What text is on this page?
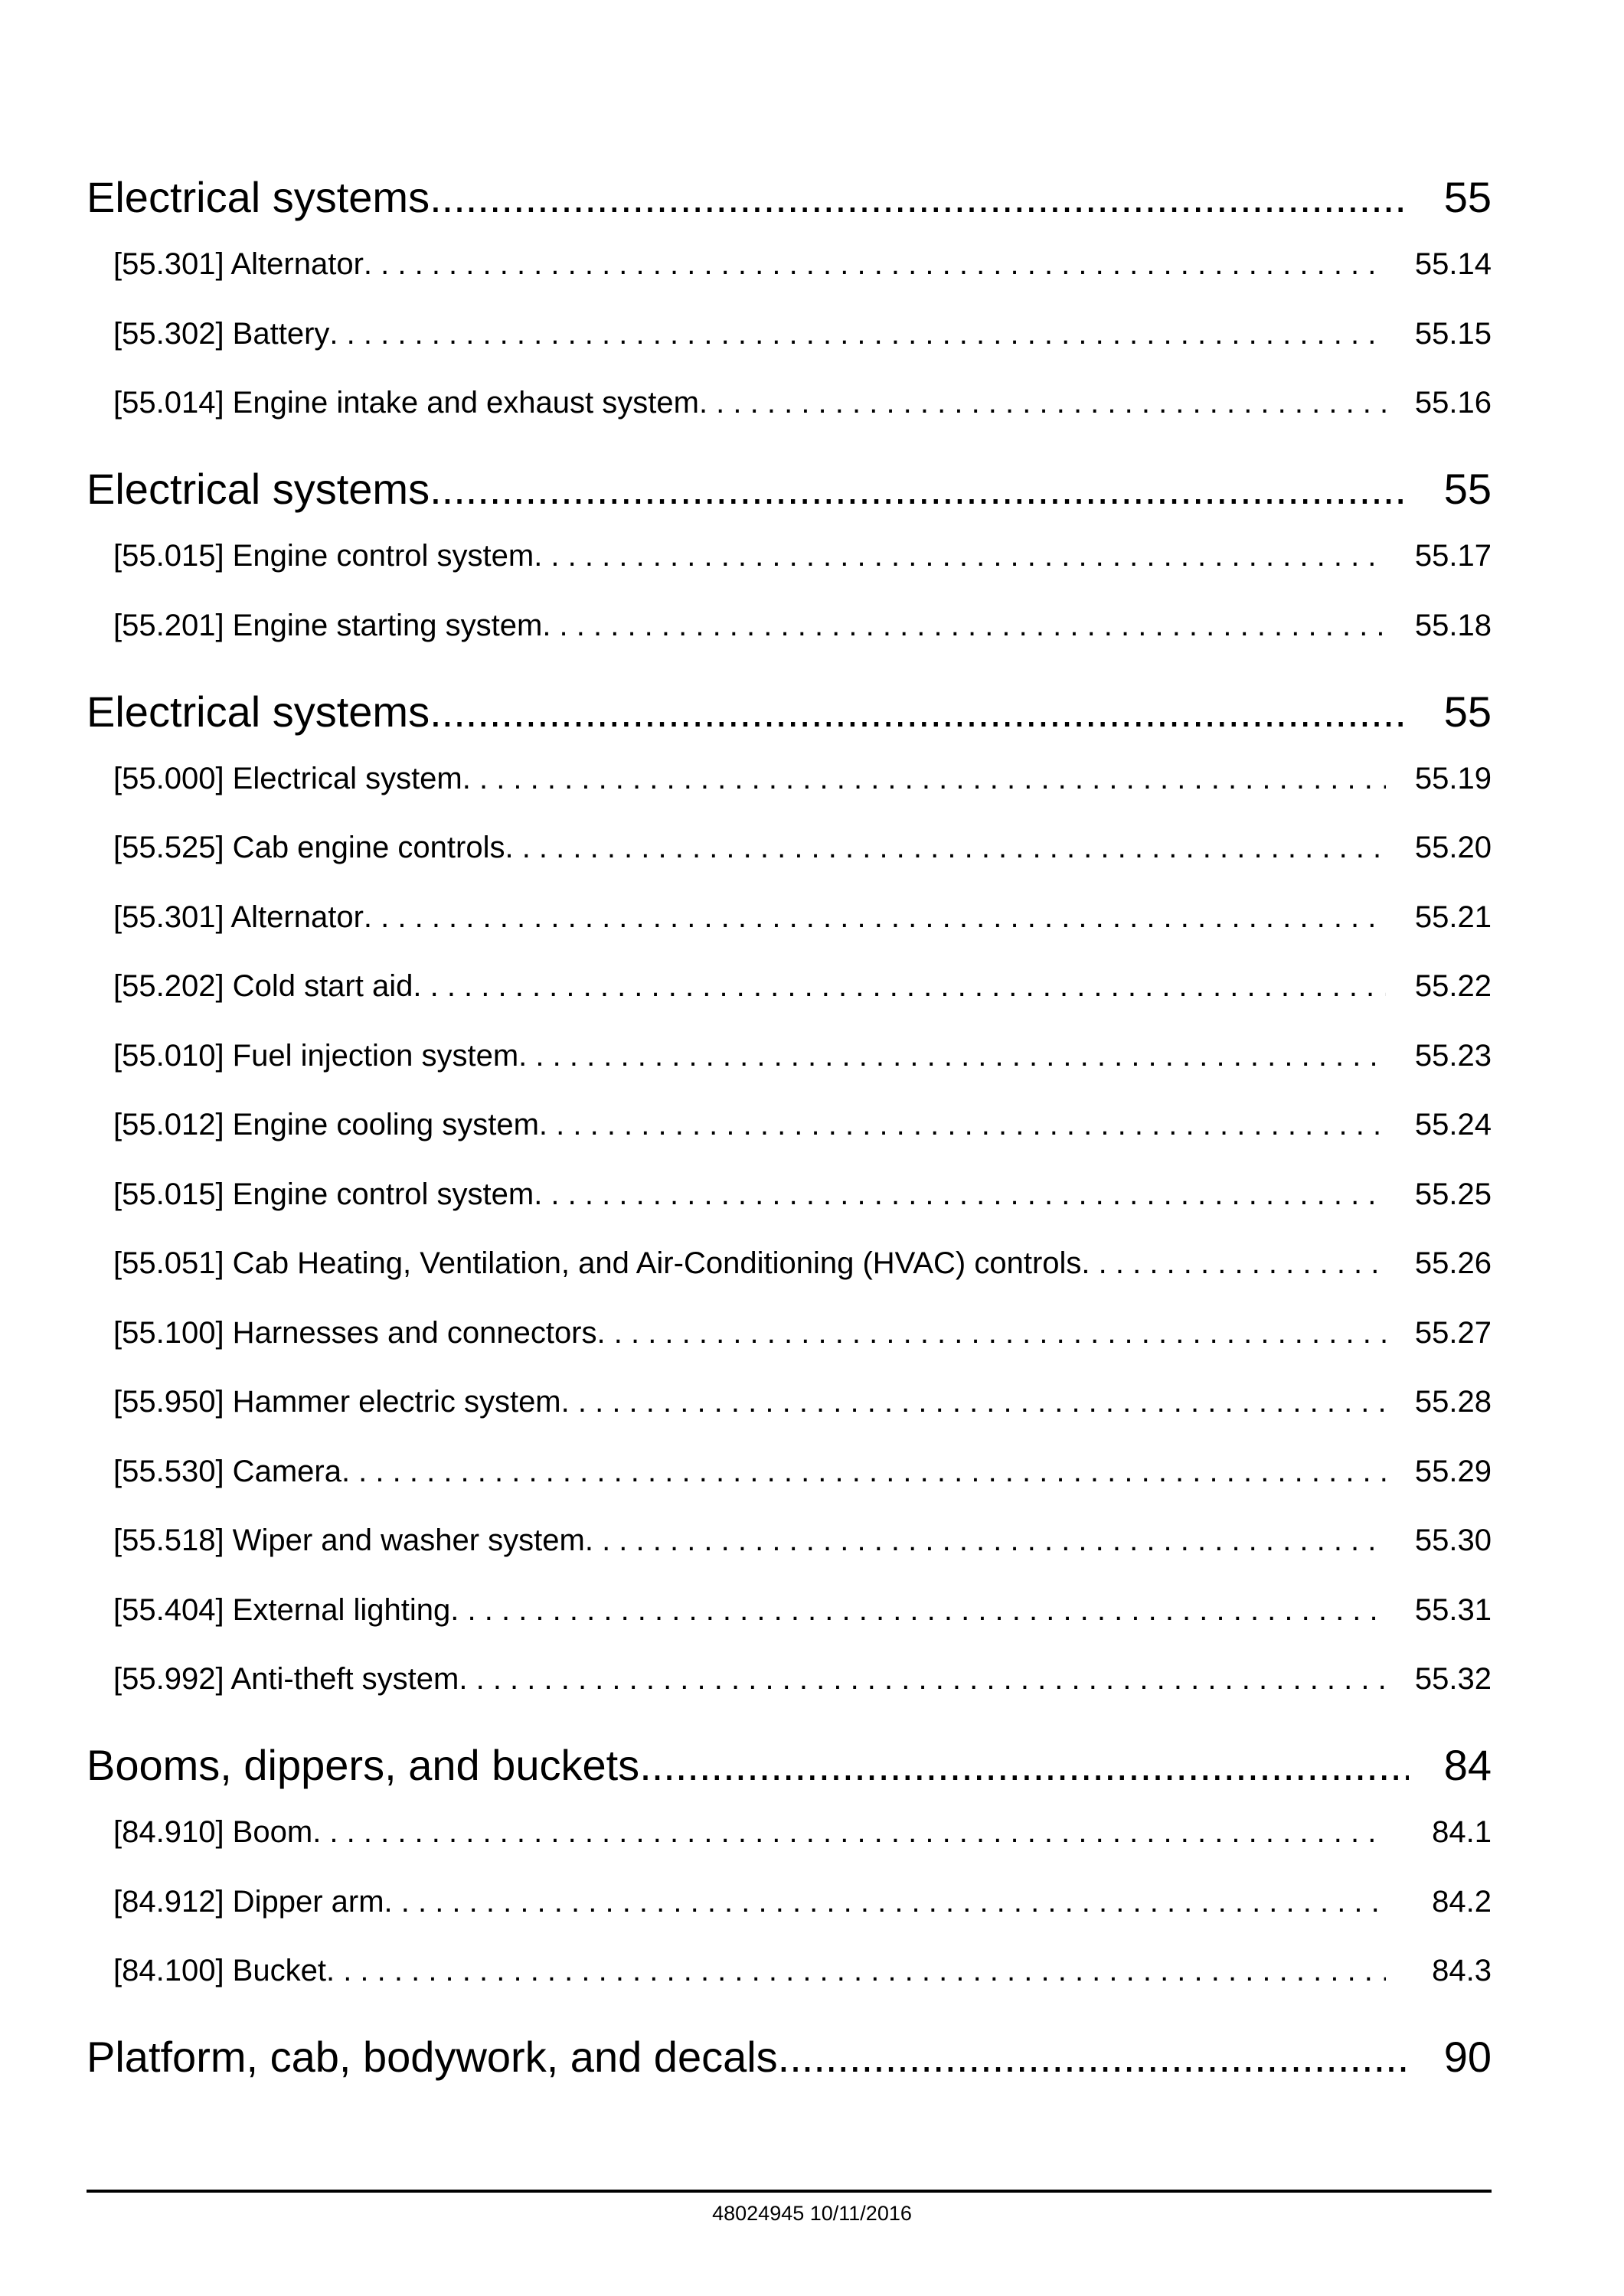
Electrical systems .....	55
[55.301] Alternator . . .	55.14
[55.302] Battery . . .	55.15
[55.014] Engine intake and exhaust system . . .	55.16
Electrical systems .....	55
[55.015] Engine control system . . .	55.17
[55.201] Engine starting system . . .	55.18
Electrical systems .....	55
[55.000] Electrical system . . .	55.19
[55.525] Cab engine controls . . .	55.20
[55.301] Alternator . . .	55.21
[55.202] Cold start aid . . .	55.22
[55.010] Fuel injection system . . .	55.23
[55.012] Engine cooling system . . .	55.24
[55.015] Engine control system . . .	55.25
[55.051] Cab Heating, Ventilation, and Air-Conditioning (HVAC) controls . . .	55.26
[55.100] Harnesses and connectors . . .	55.27
[55.950] Hammer electric system . . .	55.28
[55.530] Camera . . .	55.29
[55.518] Wiper and washer system . . .	55.30
[55.404] External lighting . . .	55.31
[55.992] Anti-theft system . . .	55.32
Booms, dippers, and buckets .....	84
[84.910] Boom . . .	84.1
[84.912] Dipper arm . . .	84.2
[84.100] Bucket . . .	84.3
Platform, cab, bodywork, and decals .....	90
48024945 10/11/2016
